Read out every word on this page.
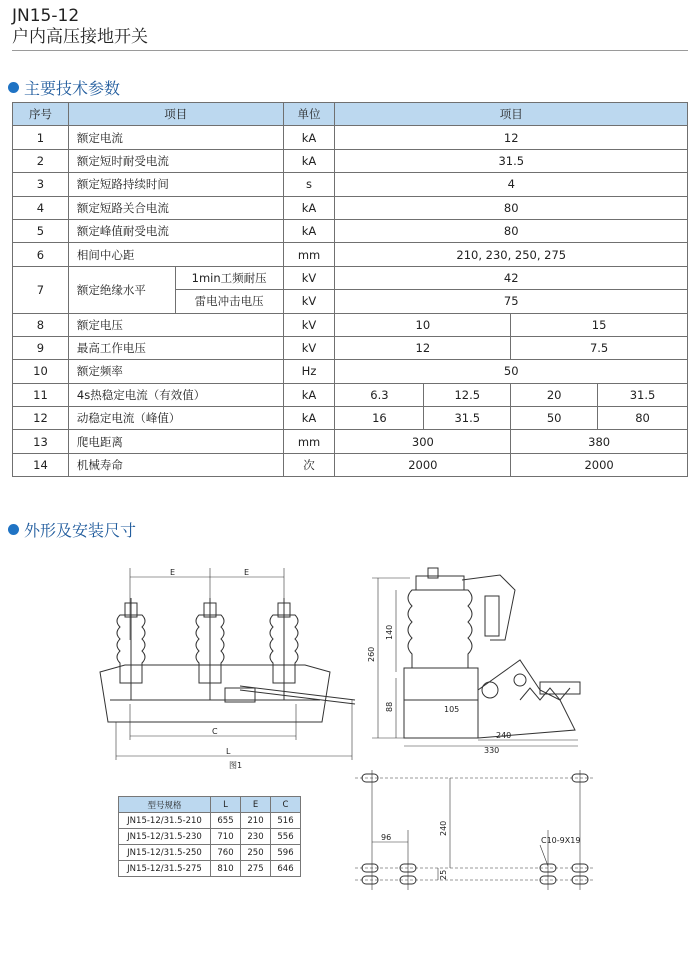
JN15-12
户内高压接地开关
主要技术参数
序号	项目		单位	项目			
1	额定电流		kA	12			
2	额定短时耐受电流		kA	31.5			
3	额定短路持续时间		s	4			
4	额定短路关合电流		kA	80			
5	额定峰值耐受电流		kA	80			
6	相间中心距		mm	210, 230, 250, 275			
7	额定绝缘水平	1min工频耐压	kV	42			
		雷电冲击电压	kV	75			
8	额定电压		kV	10		15	
9	最高工作电压		kV	12		7.5	
10	额定频率		Hz	50			
11	4s热稳定电流（有效值）		kA	6.3	12.5	20	31.5
12	动稳定电流（峰值）		kA	16	31.5	50	80
13	爬电距离		mm	300		380	
14	机械寿命		次	2000		2000	
外形及安装尺寸
E	E
C
L
图1
260
140
88	105
240
330
96
240
25
C10-9X19
型号规格	L	E	C
JN15-12/31.5-210	655	210	516
JN15-12/31.5-230	710	230	556
JN15-12/31.5-250	760	250	596
JN15-12/31.5-275	810	275	646
